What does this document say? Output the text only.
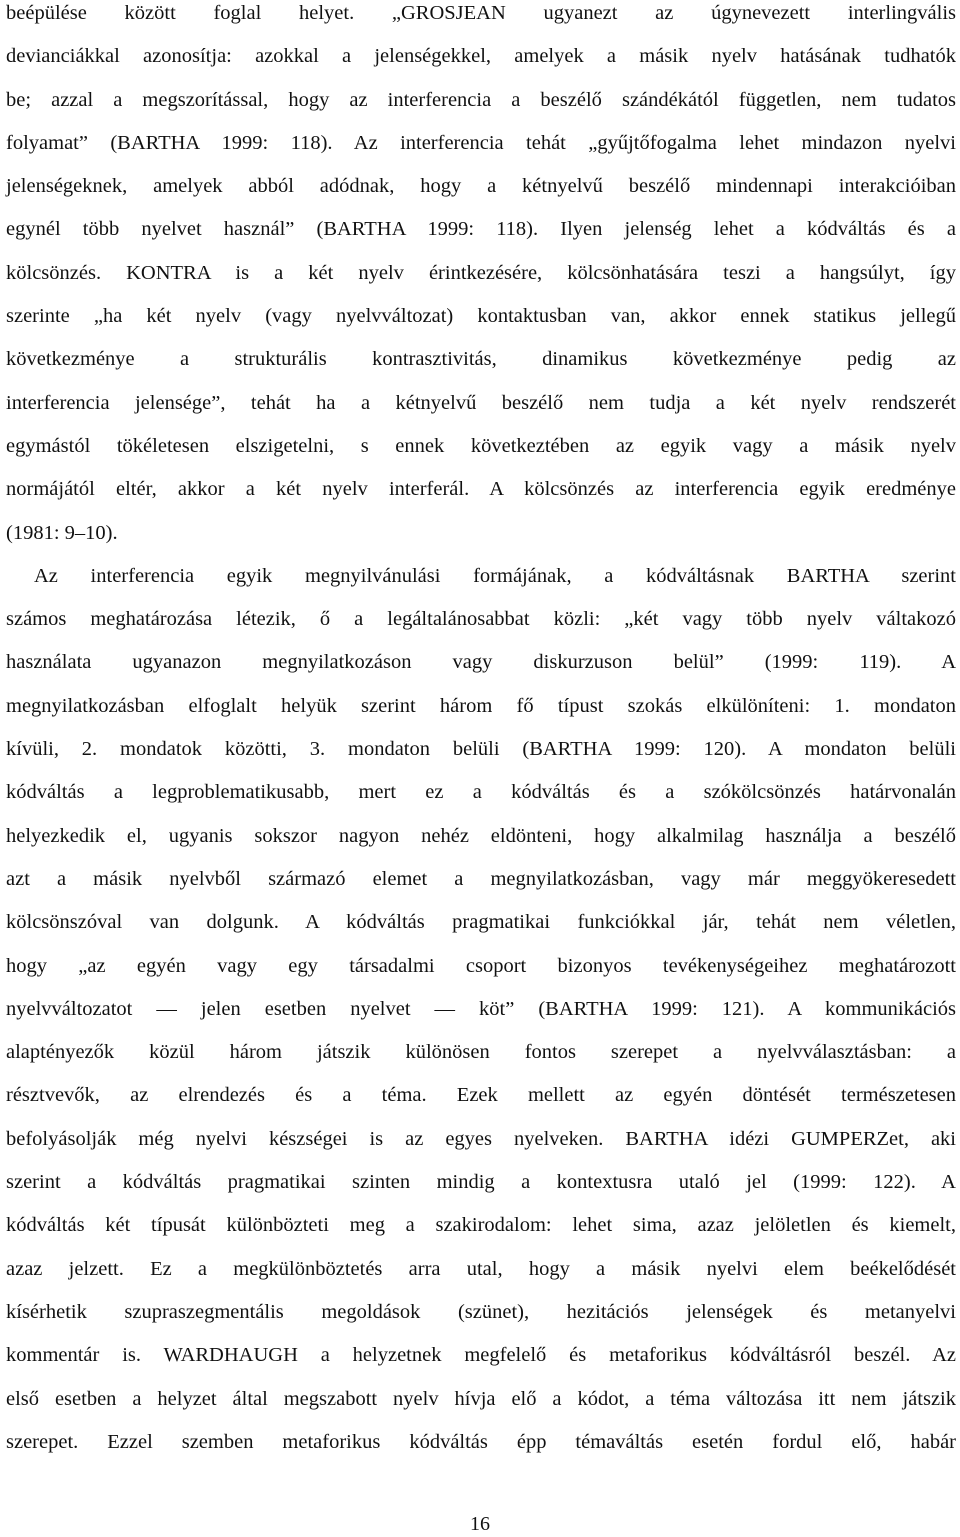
beépülése között foglal helyet. „GROSJEAN ugyanezt az úgynevezett interlingvális
devianciákkal azonosítja: azokkal a jelenségekkel, amelyek a másik nyelv hatásának tudhatók
be; azzal a megszorítással, hogy az interferencia a beszélő szándékától független, nem tudatos
folyamat” (BARTHA 1999: 118). Az interferencia tehát „gyűjtőfogalma lehet mindazon nyelvi
jelenségeknek, amelyek abból adódnak, hogy a kétnyelvű beszélő mindennapi interakcióiban
egynél több nyelvet használ” (BARTHA 1999: 118). Ilyen jelenség lehet a kódváltás és a
kölcsönzés. KONTRA is a két nyelv érintkezésére, kölcsönhatására teszi a hangsúlyt, így
szerinte „ha két nyelv (vagy nyelvváltozat) kontaktusban van, akkor ennek statikus jellegű
következménye a strukturális kontrasztivitás, dinamikus következménye pedig az
interferencia jelensége”, tehát ha a kétnyelvű beszélő nem tudja a két nyelv rendszerét
egymástól tökéletesen elszigetelni, s ennek következtében az egyik vagy a másik nyelv
normájától eltér, akkor a két nyelv interferál. A kölcsönzés az interferencia egyik eredménye
(1981: 9–10).
Az interferencia egyik megnyilvánulási formájának, a kódváltásnak BARTHA szerint
számos meghatározása létezik, ő a legáltalánosabbat közli: „két vagy több nyelv váltakozó
használata ugyanazon megnyilatkozáson vagy diskurzuson belül” (1999: 119). A
megnyilatkozásban elfoglalt helyük szerint három fő típust szokás elkülöníteni: 1. mondaton
kívüli, 2. mondatok közötti, 3. mondaton belüli (BARTHA 1999: 120). A mondaton belüli
kódváltás a legproblematikusabb, mert ez a kódváltás és a szókölcsönzés határvonalán
helyezkedik el, ugyanis sokszor nagyon nehéz eldönteni, hogy alkalmilag használja a beszélő
azt a másik nyelvből származó elemet a megnyilatkozásban, vagy már meggyökeresedett
kölcsönszóval van dolgunk. A kódváltás pragmatikai funkciókkal jár, tehát nem véletlen,
hogy „az egyén vagy egy társadalmi csoport bizonyos tevékenységeihez meghatározott
nyelvváltozatot — jelen esetben nyelvet — köt” (BARTHA 1999: 121). A kommunikációs
alaptényezők közül három játszik különösen fontos szerepet a nyelvválasztásban: a
résztvevők, az elrendezés és a téma. Ezek mellett az egyén döntését természetesen
befolyásolják még nyelvi készségei is az egyes nyelveken. BARTHA idézi GUMPERZet, aki
szerint a kódváltás pragmatikai szinten mindig a kontextusra utaló jel (1999: 122). A
kódváltás két típusát különbözteti meg a szakirodalom: lehet sima, azaz jelöletlen és kiemelt,
azaz jelzett. Ez a megkülönböztetés arra utal, hogy a másik nyelvi elem beékelődését
kísérhetik szupraszegmentális megoldások (szünet), hezitációs jelenségek és metanyelvi
kommentár is. WARDHAUGH a helyzetnek megfelelő és metaforikus kódváltásról beszél. Az
első esetben a helyzet által megszabott nyelv hívja elő a kódot, a téma változása itt nem játszik
szerepet. Ezzel szemben metaforikus kódváltás épp témaváltás esetén fordul elő, habár
16
